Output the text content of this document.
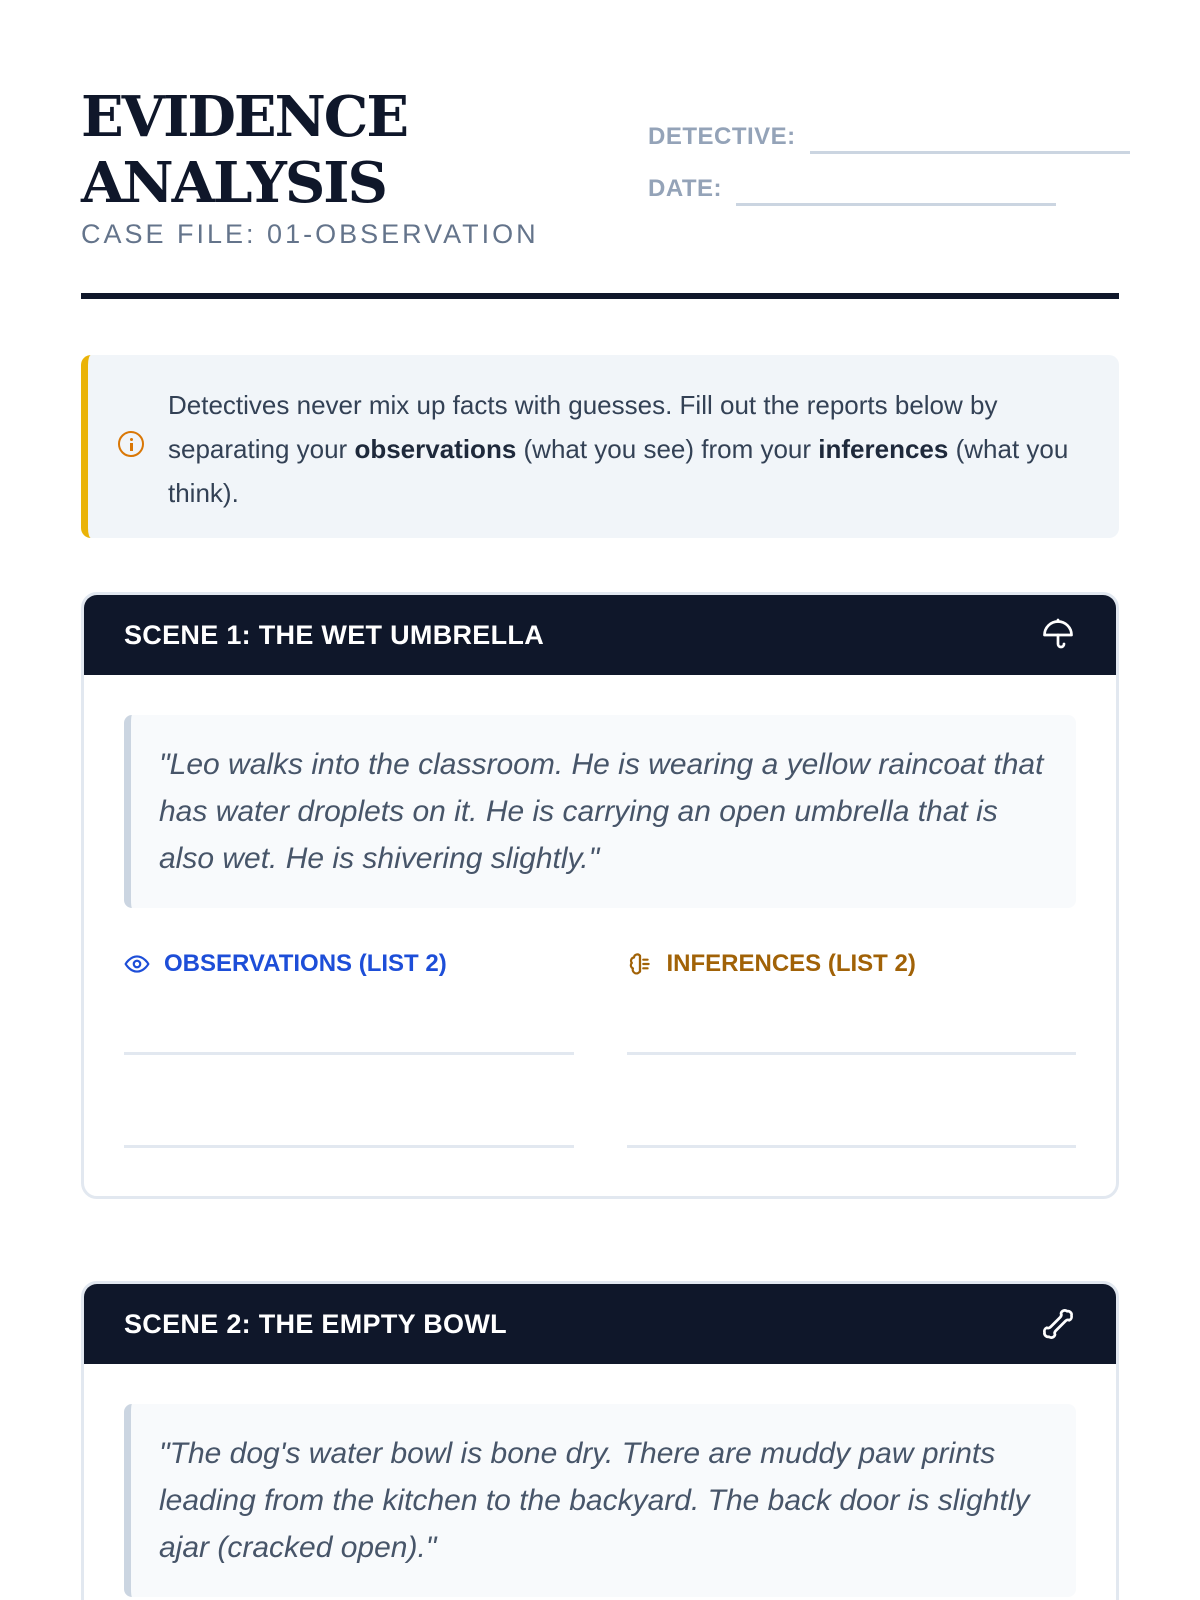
EVIDENCE
ANALYSIS
CASE FILE: 01-OBSERVATION
DETECTIVE:
DATE:

Detectives never mix up facts with guesses. Fill out the reports below by separating your observations (what you see) from your inferences (what you think).

SCENE 1: THE WET UMBRELLA
"Leo walks into the classroom. He is wearing a yellow raincoat that has water droplets on it. He is carrying an open umbrella that is also wet. He is shivering slightly."
OBSERVATIONS (LIST 2)	INFERENCES (LIST 2)
SCENE 2: THE EMPTY BOWL
"The dog's water bowl is bone dry. There are muddy paw prints leading from the kitchen to the backyard. The back door is slightly ajar (cracked open)."
